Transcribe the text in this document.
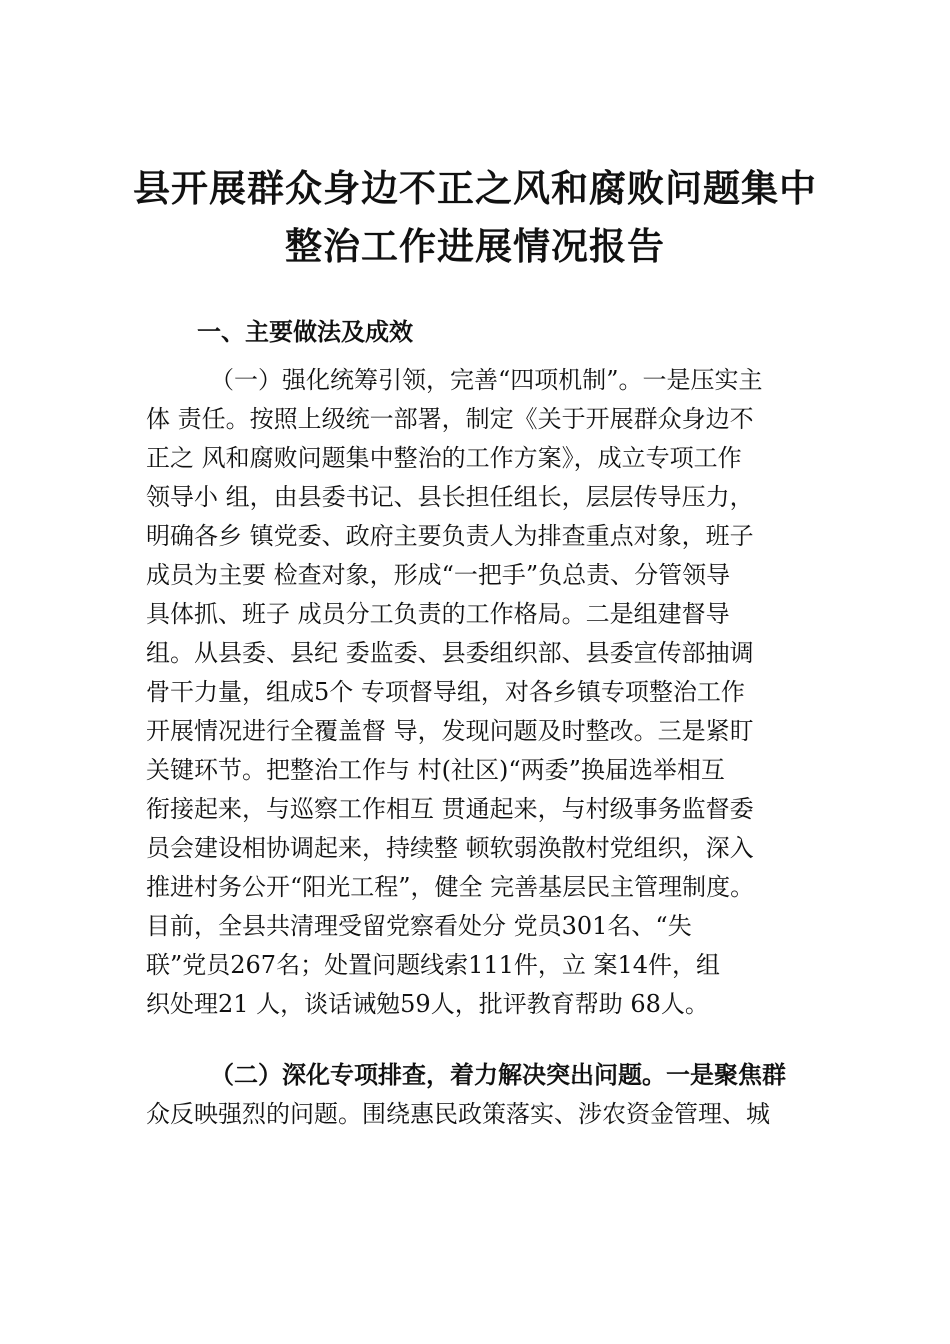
县开展群众身边不正之风和腐败问题集中
整治工作进展情况报告
一、主要做法及成效
（一）强化统筹引领，完善“四项机制”。一是压实主
体 责任。按照上级统一部署，制定《关于开展群众身边不
正之 风和腐败问题集中整治的工作方案》，成立专项工作
领导小 组，由县委书记、县长担任组长，层层传导压力，
明确各乡 镇党委、政府主要负责人为排查重点对象，班子
成员为主要 检查对象，形成“一把手”负总责、分管领导
具体抓、班子 成员分工负责的工作格局。二是组建督导
组。从县委、县纪 委监委、县委组织部、县委宣传部抽调
骨干力量，组成5个 专项督导组，对各乡镇专项整治工作
开展情况进行全覆盖督 导，发现问题及时整改。三是紧盯
关键环节。把整治工作与 村(社区)“两委”换届选举相互
衔接起来，与巡察工作相互 贯通起来，与村级事务监督委
员会建设相协调起来，持续整 顿软弱涣散村党组织，深入
推进村务公开“阳光工程”，健全 完善基层民主管理制度。
目前，全县共清理受留党察看处分 党员301名、“失
联”党员267名；处置问题线索111件，立 案14件，组
织处理21 人，谈话诫勉59人，批评教育帮助 68人。
（二）深化专项排查，着力解决突出问题。一是聚焦群
众反映强烈的问题。围绕惠民政策落实、涉农资金管理、城
